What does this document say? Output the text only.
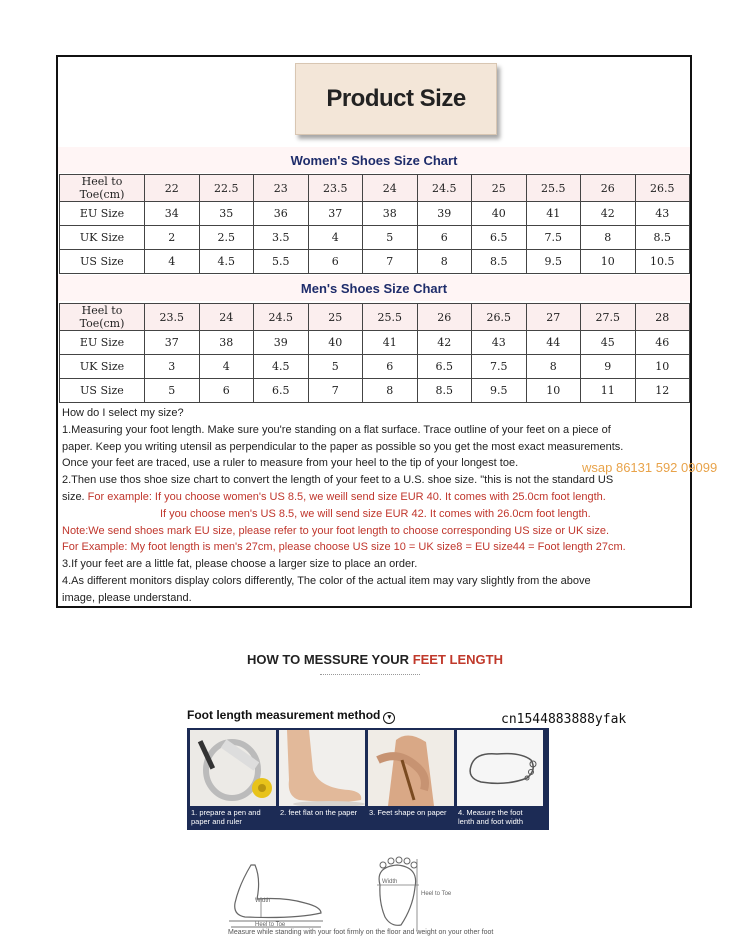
Product Size
Women's Shoes Size Chart
Heel to Toe(cm)	22	22.5	23	23.5	24	24.5	25	25.5	26	26.5
EU Size	34	35	36	37	38	39	40	41	42	43
UK Size	2	2.5	3.5	4	5	6	6.5	7.5	8	8.5
US Size	4	4.5	5.5	6	7	8	8.5	9.5	10	10.5
Men's Shoes Size Chart
Heel to Toe(cm)	23.5	24	24.5	25	25.5	26	26.5	27	27.5	28
EU Size	37	38	39	40	41	42	43	44	45	46
UK Size	3	4	4.5	5	6	6.5	7.5	8	9	10
US Size	5	6	6.5	7	8	8.5	9.5	10	11	12
How do I select my size?
1.Measuring your foot length. Make sure you're standing on a flat surface. Trace outline of your feet on a piece of
paper. Keep you writing utensil as perpendicular to the paper as possible so you get the most exact measurements.
Once your feet are traced, use a ruler to measure from your heel to the tip of your longest toe.
2.Then use thos shoe size chart to convert the length of your feet to a U.S. shoe size. "this is not the standard US
size. For example: If you choose women's US 8.5, we weill send size EUR 40. It comes with 25.0cm foot length.
If you choose men's US 8.5, we will send size EUR 42. It comes with 26.0cm foot length.
Note:We send shoes mark EU size, please refer to your foot length to choose corresponding US size or UK size.
For Example: My foot length is men's 27cm, please choose US size 10 = UK size8 = EU size44 = Foot length 27cm.
3.If your feet are a little fat, please choose a larger size to place an order.
4.As different monitors display colors differently, The color of the actual item may vary slightly from the above
image, please understand.
wsap 86131 592 09099
HOW TO MESSURE YOUR FEET LENGTH
Foot length measurement method ▾	cn1544883888yfak
1. prepare a pen and paper and ruler
2. feet flat on the paper	3. Feet shape on paper	4. Measure the foot lenth and foot width
Width
Heel to Toe
Width
Heel to Toe
Measure while standing with your foot firmly on the floor and weight on your other foot
